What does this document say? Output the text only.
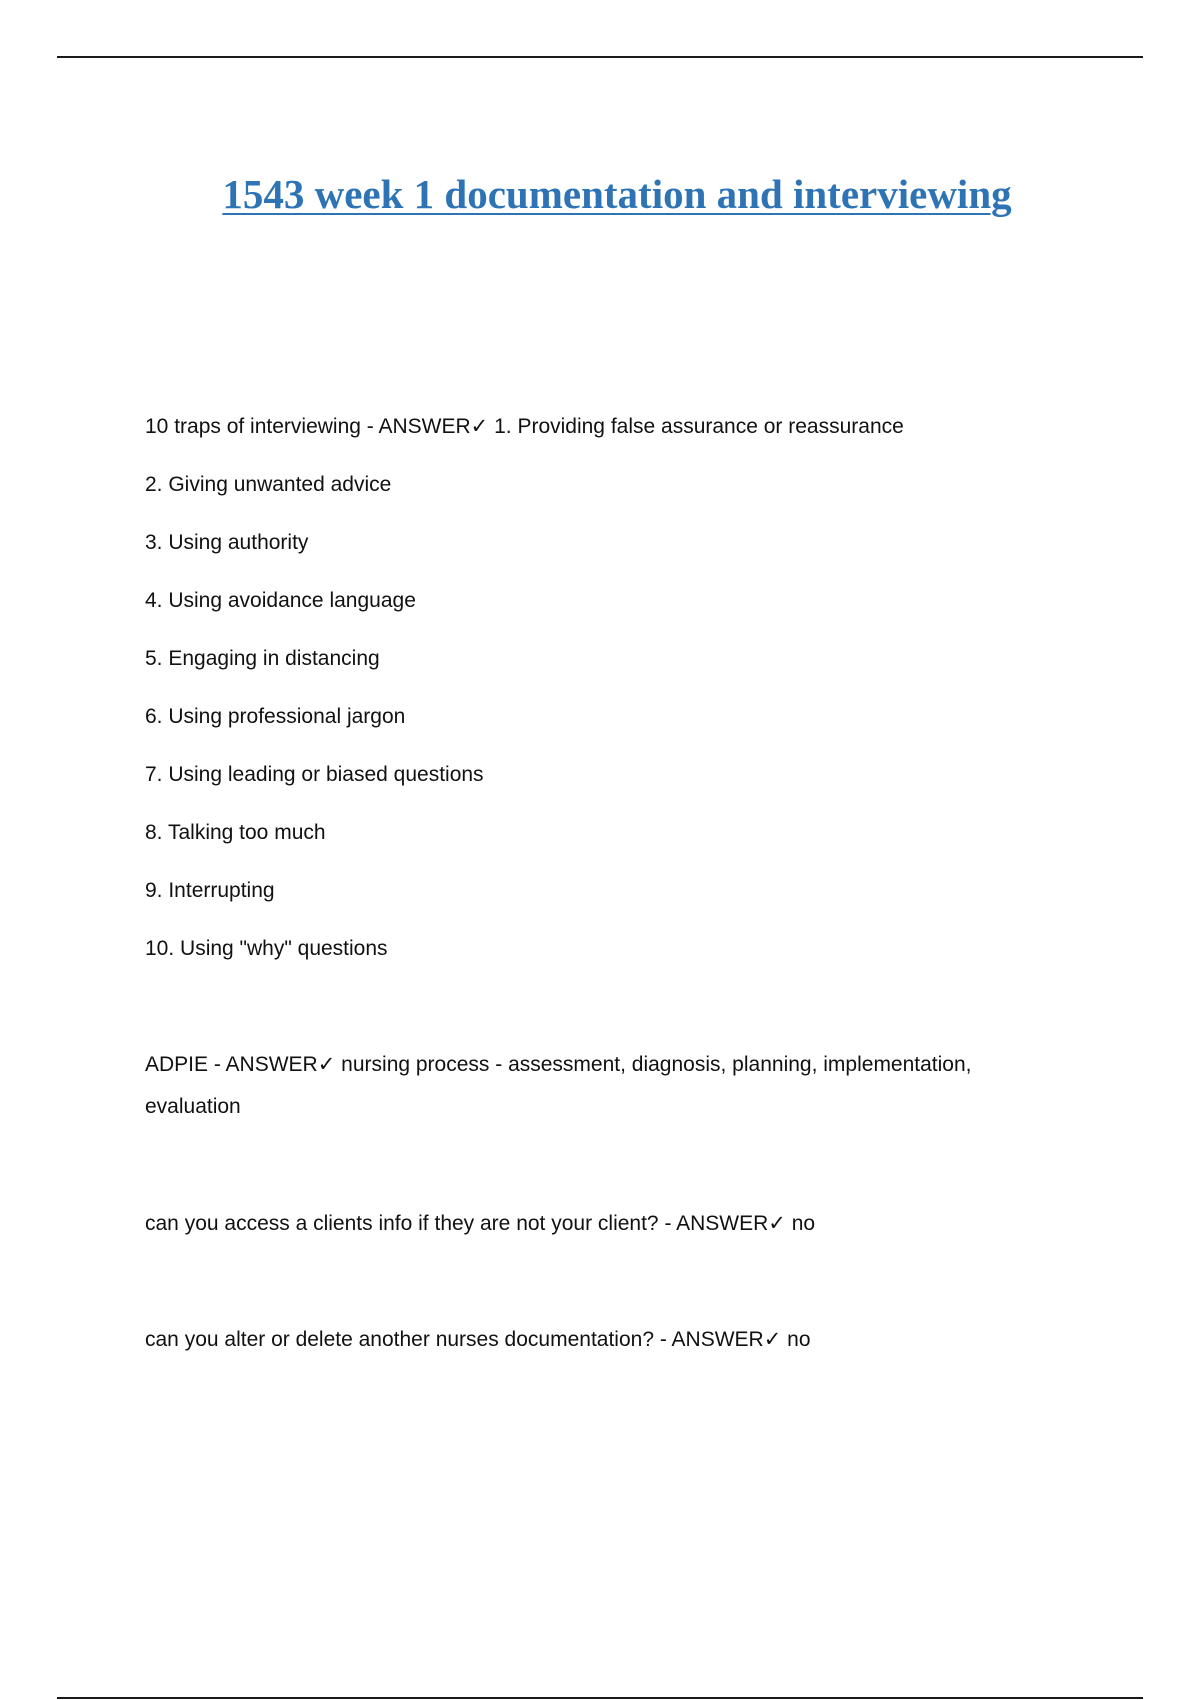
1543 week 1 documentation and interviewing
10 traps of interviewing - ANSWER✓ 1. Providing false assurance or reassurance
2. Giving unwanted advice
3. Using authority
4. Using avoidance language
5. Engaging in distancing
6. Using professional jargon
7. Using leading or biased questions
8. Talking too much
9. Interrupting
10. Using "why" questions
ADPIE - ANSWER✓ nursing process - assessment, diagnosis, planning, implementation,
evaluation
can you access a clients info if they are not your client? - ANSWER✓ no
can you alter or delete another nurses documentation? - ANSWER✓ no
